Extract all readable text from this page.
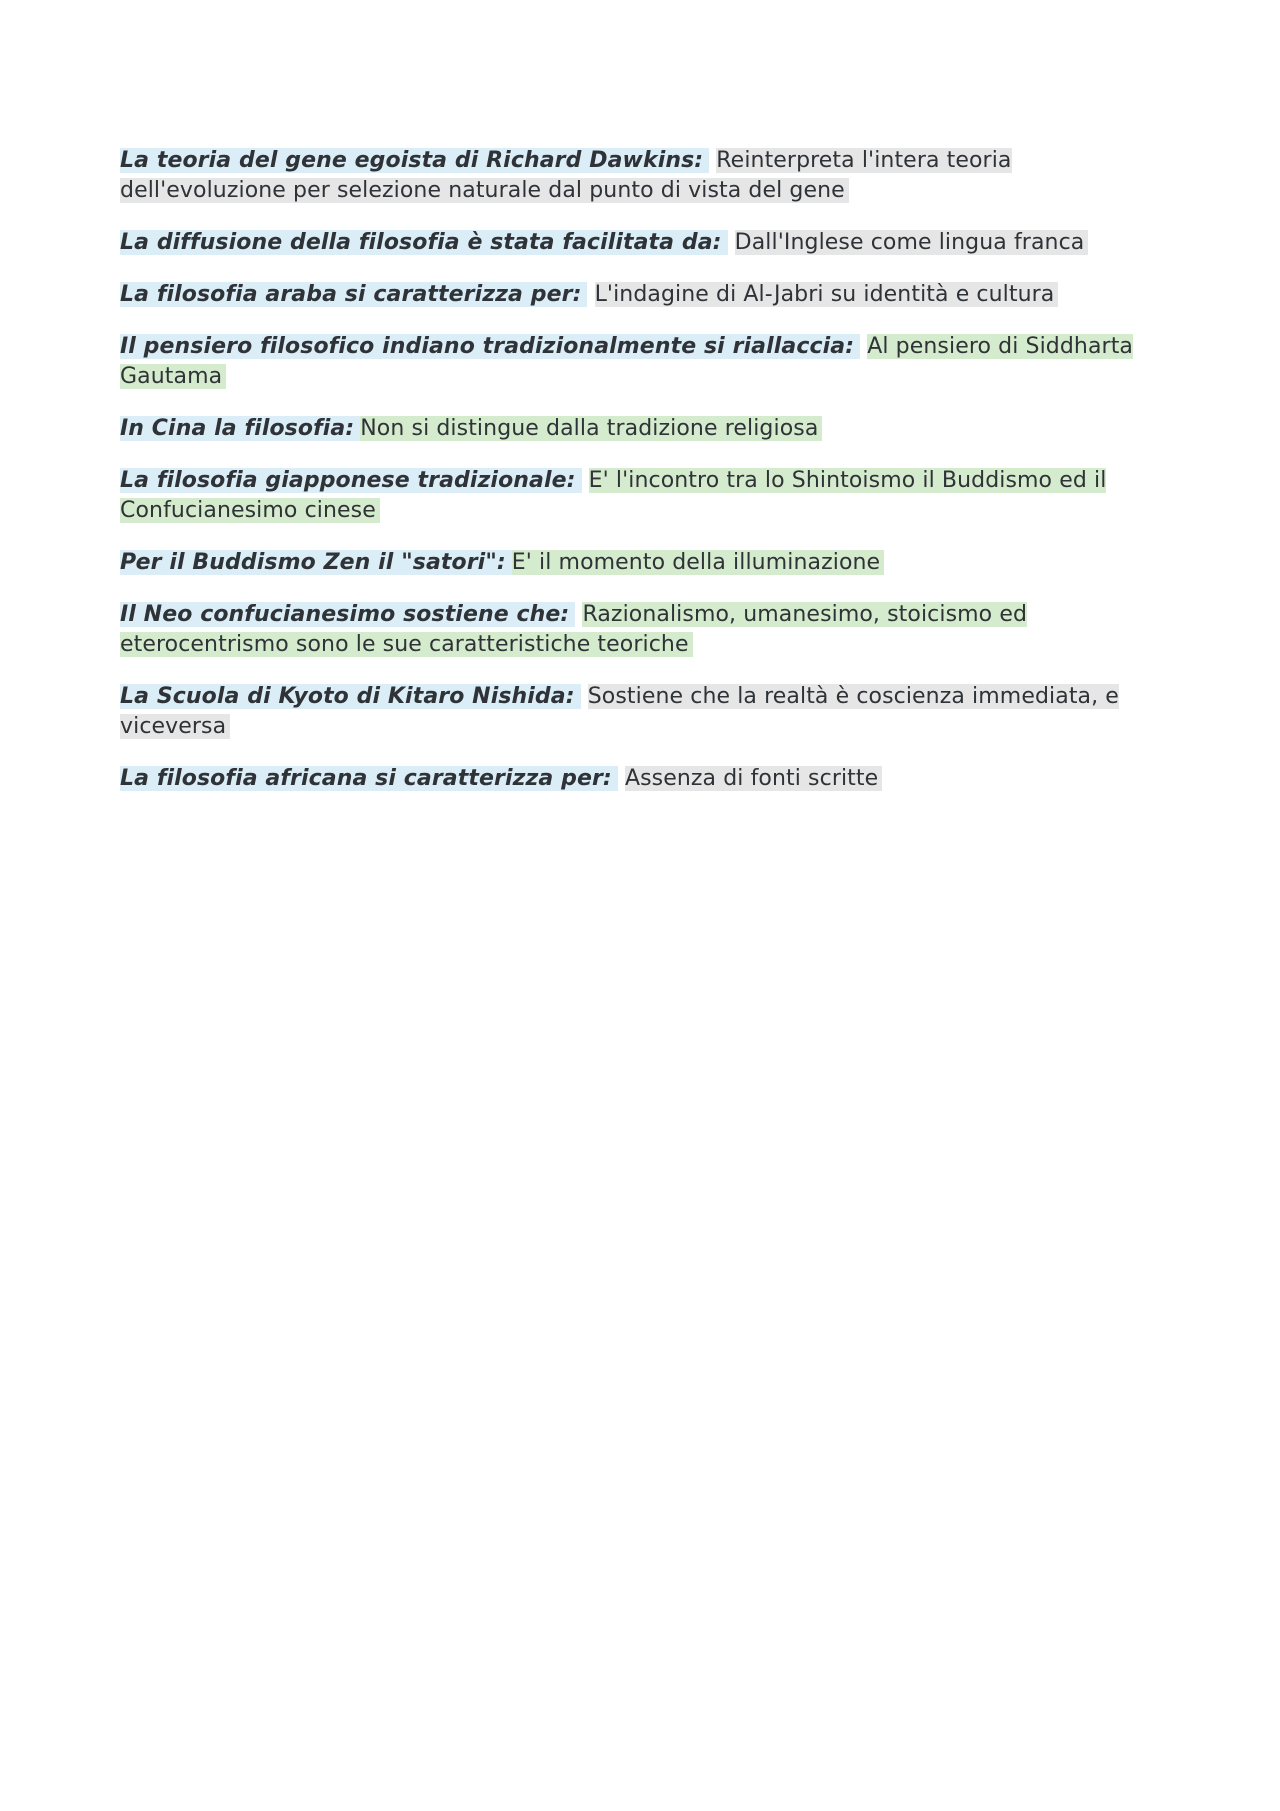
La teoria del gene egoista di Richard Dawkins: Reinterpreta l'intera teoria dell'evoluzione per selezione naturale dal punto di vista del gene

La diffusione della filosofia è stata facilitata da: Dall'Inglese come lingua franca

La filosofia araba si caratterizza per: L'indagine di Al-Jabri su identità e cultura

Il pensiero filosofico indiano tradizionalmente si riallaccia: Al pensiero di Siddharta Gautama

In Cina la filosofia: Non si distingue dalla tradizione religiosa

La filosofia giapponese tradizionale: E' l'incontro tra lo Shintoismo il Buddismo ed il Confucianesimo cinese

Per il Buddismo Zen il "satori": E' il momento della illuminazione

Il Neo confucianesimo sostiene che: Razionalismo, umanesimo, stoicismo ed eterocentrismo sono le sue caratteristiche teoriche

La Scuola di Kyoto di Kitaro Nishida: Sostiene che la realtà è coscienza immediata, e viceversa

La filosofia africana si caratterizza per: Assenza di fonti scritte
